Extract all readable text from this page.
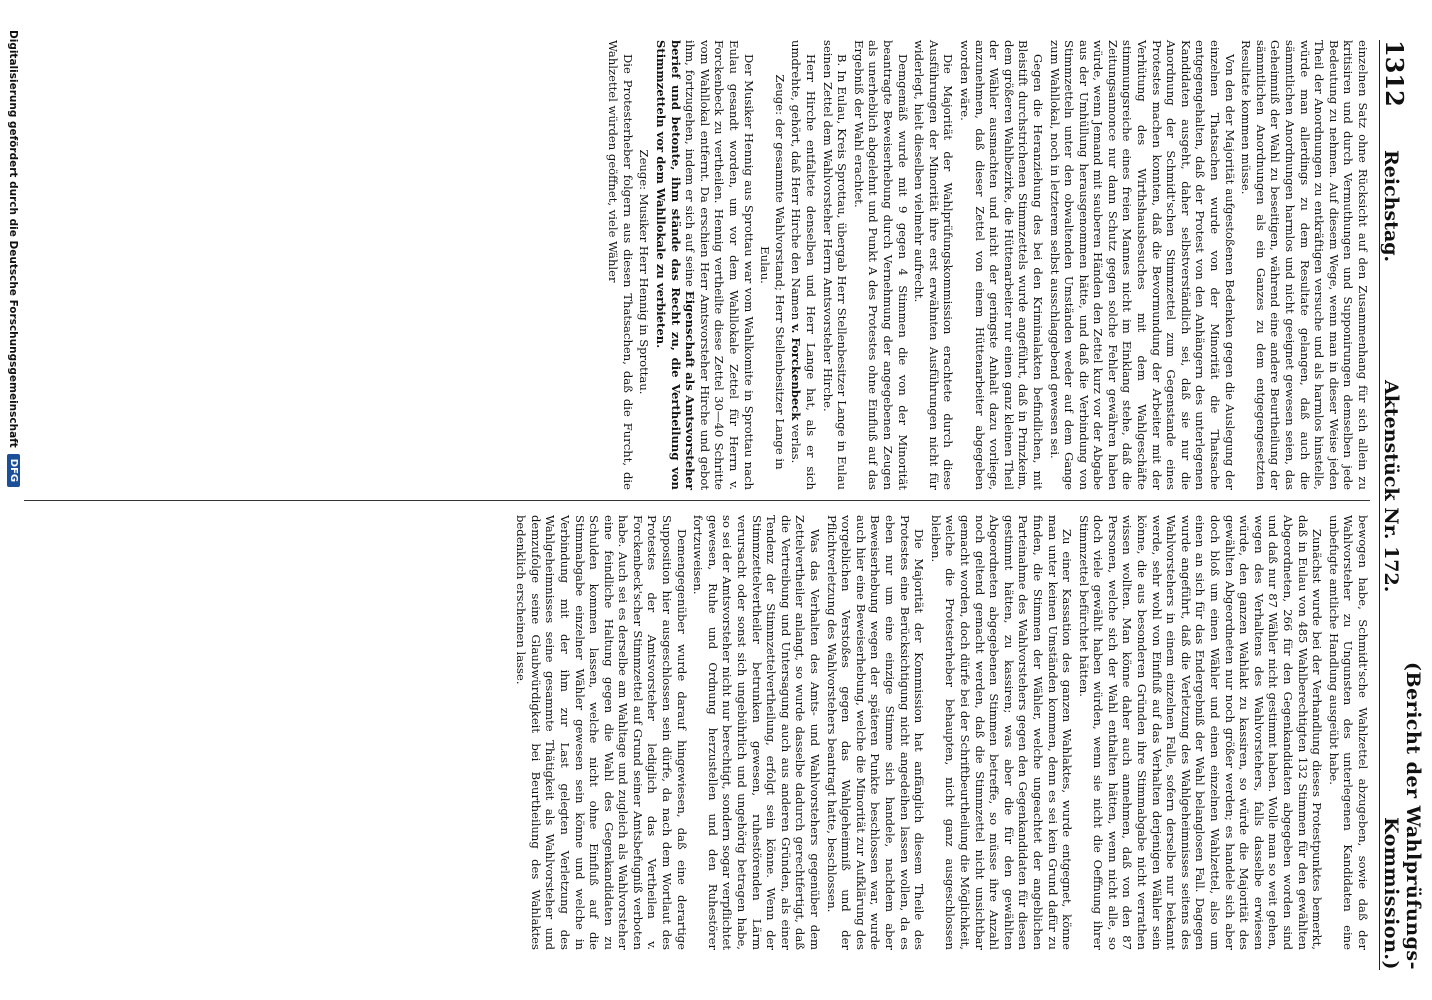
1312
Reichstag.
Aktenstück Nr. 172.
(Bericht der Wahlprüfungs-Kommission.)

einzelnen Satz ohne Rücksicht auf den Zusammenhang für sich allein zu kritisiren und durch Vermuthungen und Supponirungen demselben jede Bedeutung zu nehmen. Auf diesem Wege, wenn man in dieser Weise jeden Theil der Anordnungen zu entkräftigen versuche und als harmlos hinstelle, würde man allerdings zu dem Resultate gelangen, daß auch die sämmtlichen Anordnungen harmlos und nicht geeignet gewesen seien, das Geheimniß der Wahl zu beseitigen, während eine andere Beurtheilung der sämmtlichen Anordnungen als ein Ganzes zu dem entgegengesetzten Resultate kommen müsse.

Von den der Majorität aufgestoßenen Bedenken gegen die Auslegung der einzelnen Thatsachen wurde von der Minorität die Thatsache entgegengehalten, daß der Protest von den Anhängern des unterlegenen Kandidaten ausgeht, daher selbstverständlich sei, daß sie nur die Anordnung der Schmidt'schen Stimmzettel zum Gegenstande eines Protestes machen konnten, daß die Bevormundung der Arbeiter mit der Verhütung des Wirthshausbesuches mit dem Wahlgeschäfte stimmungsreiche eines freien Mannes nicht im Einklang stehe, daß die Zeitungsannonce nur dann Schutz gegen solche Fehler gewähren haben würde, wenn Jemand mit sauberen Händen den Zettel kurz vor der Abgabe aus der Umhüllung herausgenommen hätte, und daß die Verbindung von Stimmzetteln unter den obwaltenden Umständen weder auf dem Gange zum Wahllokal, noch in letzterem selbst ausschlaggebend gewesen sei.

Gegen die Heranziehung des bei den Kriminalakten befindlichen, mit Bleistift durchstrichenen Stimmzettels wurde angeführt, daß in Prinzkeim, dem größeren Wahlbezirke, die Hüttenarbeiter nur einen ganz kleinen Theil der Wähler ausmachten und nicht der geringste Anhalt dazu vorliege, anzunehmen, daß dieser Zettel von einem Hüttenarbeiter abgegeben worden wäre.

Die Majorität der Wahlprüfungskommission erachtete durch diese Ausführungen der Minorität ihre erst erwähnten Ausführungen nicht für widerlegt, hielt dieselben vielmehr aufrecht.

Demgemäß wurde mit 9 gegen 4 Stimmen die von der Minorität beantragte Beweiserhebung durch Vernehmung der angegebenen Zeugen als unerheblich abgelehnt und Punkt A des Protestes ohne Einfluß auf das Ergebniß der Wahl erachtet.

B. In Eulau, Kreis Sprottau, übergab Herr Stellenbesitzer Lange in Eulau seinen Zettel dem Wahlvorsteher Herrn Amtsvorsteher Hirche.

Herr Hirche entfaltete denselben und Herr Lange hat, als er sich umdrehte, gehört, daß Herr Hirche den Namen v. Forckenbeck verlas.

Zeuge: der gesammte Wahlvorstand; Herr Stellenbesitzer Lange in Eulau.

Der Musiker Hennig aus Sprottau war vom Wahlkomite in Sprottau nach Eulau gesandt worden, um vor dem Wahllokale Zettel für Herrn v. Forckenbeck zu vertheilen. Hennig vertheilte diese Zettel 30—40 Schritte vom Wahllokal entfernt. Da erschien Herr Amtsvorsteher Hirche und gebot ihm, fortzugehen, indem er sich auf seine Eigenschaft als Amtsvorsteher berief und betonte, ihm stände das Recht zu, die Vertheilung von Stimmzetteln vor dem Wahllokale zu verbieten.

Zeuge: Musiker Herr Hennig in Sprottau.

Die Protesterheber folgern aus diesen Thatsachen, daß die Furcht, die Wahlzettel würden geöffnet, viele Wähler

bewogen habe, Schmidt'sche Wahlzettel abzugeben, sowie daß der Wahlvorsteher zu Ungunsten des unterlegenen Kandidaten eine unbefugte amtliche Handlung ausgeübt habe.

Zunächst wurde bei der Verhandlung dieses Protestpunktes bemerkt, daß in Eulau von 485 Wahlberechtigten 132 Stimmen für den gewählten Abgeordneten, 266 für den Gegenkandidaten abgegeben worden sind und daß nur 87 Wähler nicht gestimmt haben. Wolle man so weit gehen, wegen des Verhaltens des Wahlvorstehers, falls dasselbe erwiesen würde, den ganzen Wahlakt zu kassiren, so würde die Majorität des gewählten Abgeordneten nur noch größer werden; es handele sich aber doch bloß um einen Wähler und einen einzelnen Wahlzettel, also um einen an sich für das Endergebniß der Wahl belanglosen Fall. Dagegen wurde angeführt, daß die Verletzung des Wahlgeheimnisses seitens des Wahlvorstehers in einem einzelnen Falle, sofern derselbe nur bekannt werde, sehr wohl von Einfluß auf das Verhalten derjenigen Wähler sein könne, die aus besonderen Gründen ihre Stimmabgabe nicht verrathen wissen wollten. Man könne daher auch annehmen, daß von den 87 Personen, welche sich der Wahl enthalten hätten, wenn nicht alle, so doch viele gewählt haben würden, wenn sie nicht die Oeffnung ihrer Stimmzettel befürchtet hätten.

Zu einer Kassation des ganzen Wahlaktes, wurde entgegnet, könne man unter keinen Umständen kommen, denn es sei kein Grund dafür zu finden, die Stimmen der Wähler, welche ungeachtet der angeblichen Parteinahme des Wahlvorstehers gegen den Gegenkandidaten für diesen gestimmt hätten, zu kassiren; was aber die für den gewählten Abgeordneten abgegebenen Stimmen betreffe, so müsse ihre Anzahl noch geltend gemacht werden, daß die Stimmzettel nicht unsichtbar gemacht worden, doch dürfe bei der Schriftbeurtheilung die Möglichkeit, welche die Protesterheber behaupten, nicht ganz ausgeschlossen bleiben.

Die Majorität der Kommission hat anfänglich diesem Theile des Protestes eine Berücksichtigung nicht angedeihen lassen wollen, da es eben nur um eine einzige Stimme sich handele, nachdem aber Beweiserhebung wegen der späteren Punkte beschlossen war, wurde auch hier eine Beweiserhebung, welche die Minorität zur Aufklärung des vorgeblichen Verstoßes gegen das Wahlgeheimniß und der Pflichtverletzung des Wahlvorstehers beantragt hatte, beschlossen.

Was das Verhalten des Amts- und Wahlvorstehers gegenüber dem Zettelvertheiler anlangt, so wurde dasselbe dadurch gerechtfertigt, daß die Vertreibung und Untersagung auch aus anderen Gründen, als einer Tendenz der Stimmzettelvertheilung, erfolgt sein könne. Wenn der Stimmzettelvertheiler betrunken gewesen, ruhestörenden Lärm verursacht oder sonst sich ungebührlich und ungehörig betragen habe, so sei der Amtsvorsteher nicht nur berechtigt, sondern sogar verpflichtet gewesen, Ruhe und Ordnung herzustellen und den Ruhestörer fortzuweisen.

Demengegenüber wurde darauf hingewiesen, daß eine derartige Supposition hier ausgeschlossen sein dürfe, da nach dem Wortlaut des Protestes der Amtsvorsteher lediglich das Vertheilen v. Forckenbeck'scher Stimmzettel auf Grund seiner Amtsbefugniß verboten habe. Auch sei es derselbe am Wahltage und zugleich als Wahlvorsteher eine feindliche Haltung gegen die Wahl des Gegenkandidaten zu Schulden kommen lassen, welche nicht ohne Einfluß auf die Stimmabgabe einzelner Wähler gewesen sein könne und welche in Verbindung mit der ihm zur Last gelegten Verletzung des Wahlgeheimnisses seine gesammte Thätigkeit als Wahlvorsteher und demzufolge seine Glaubwürdigkeit bei Beurtheilung des Wahlaktes bedenklich erscheinen lasse.

Digitalisierung gefördert durch die Deutsche Forschungsgemeinschaft
DFG
